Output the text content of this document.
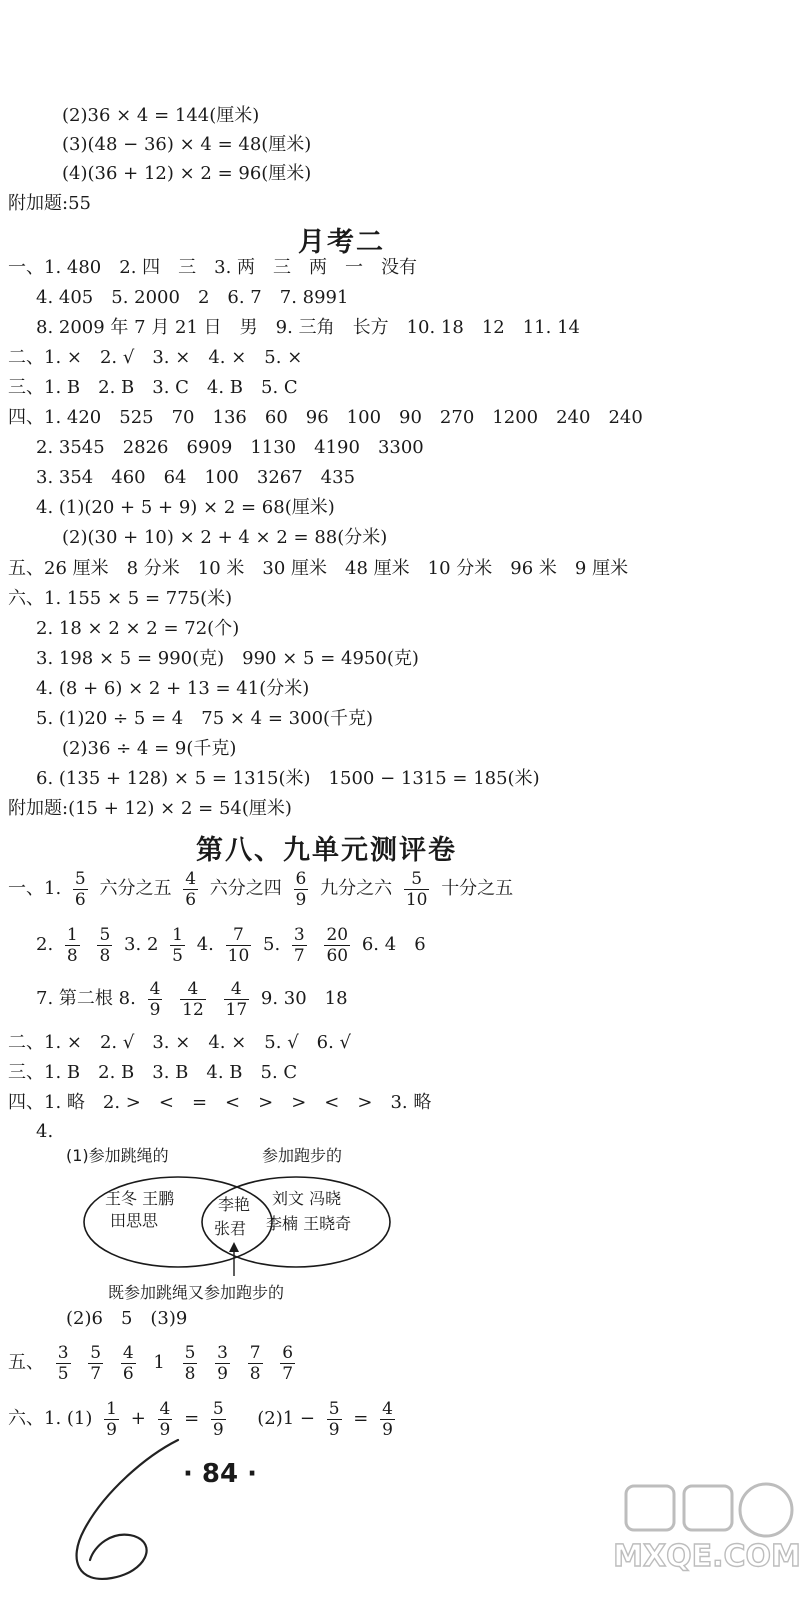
(2)36 × 4 = 144(厘米)
(3)(48 − 36) × 4 = 48(厘米)
(4)(36 + 12) × 2 = 96(厘米)
附加题:55
月考二
一、1. 480　2. 四　三　3. 两　三　两　一　没有
4. 405　5. 2000　2　6. 7　7. 8991
8. 2009 年 7 月 21 日　男　9. 三角　长方　10. 18　12　11. 14
二、1. ×　2. √　3. ×　4. ×　5. ×
三、1. B　2. B　3. C　4. B　5. C
四、1. 420　525　70　136　60　96　100　90　270　1200　240　240
2. 3545　2826　6909　1130　4190　3300
3. 354　460　64　100　3267　435
4. (1)(20 + 5 + 9) × 2 = 68(厘米)
(2)(30 + 10) × 2 + 4 × 2 = 88(分米)
五、26 厘米　8 分米　10 米　30 厘米　48 厘米　10 分米　96 米　9 厘米
六、1. 155 × 5 = 775(米)
2. 18 × 2 × 2 = 72(个)
3. 198 × 5 = 990(克)　990 × 5 = 4950(克)
4. (8 + 6) × 2 + 13 = 41(分米)
5. (1)20 ÷ 5 = 4　75 × 4 = 300(千克)
(2)36 ÷ 4 = 9(千克)
6. (135 + 128) × 5 = 1315(米)　1500 − 1315 = 185(米)
附加题:(15 + 12) × 2 = 54(厘米)
第八、九单元测评卷
一、1. $\frac{5}{6}$ 六分之五 $\frac{4}{6}$ 六分之四 $\frac{6}{9}$ 九分之六 $\frac{5}{10}$ 十分之五
2. $\frac{1}{8}$
$\frac{5}{8} 3$. $2 \frac{1}{5} 4$. $\frac{7}{10} 5$. $\frac{3}{7}$
$\frac{20}{60} 6$. 4　6
7. 第二根 8. $\frac{4}{9}$
$\frac{4}{12}$
$\frac{4}{17} 9$. 30　18
二、1. ×　2. √　3. ×　4. ×　5. √　6. √
三、1. B　2. B　3. B　4. B　5. C
四、1. 略　2. >　<　=　<　>　>　<　>　3. 略
4.
(1)参加跳绳的	参加跑步的
王冬 王鹏
田思思
李艳
张君
刘文 冯晓
李楠 王晓奇
既参加跳绳又参加跑步的
(2)6　5　(3)9
五、 $\frac{3}{5}$
$\frac{5}{7}$
$\frac{4}{6} 1 \frac{5}{8}$
$\frac{3}{9}$
$\frac{7}{8}$
$\frac{6}{7}$
六、1. $(1) \frac{1}{9} + \frac{4}{9} = \frac{5}{9} (2)1 - \frac{5}{9} = \frac{4}{9}$
· 84 ·
MXQE.COM
